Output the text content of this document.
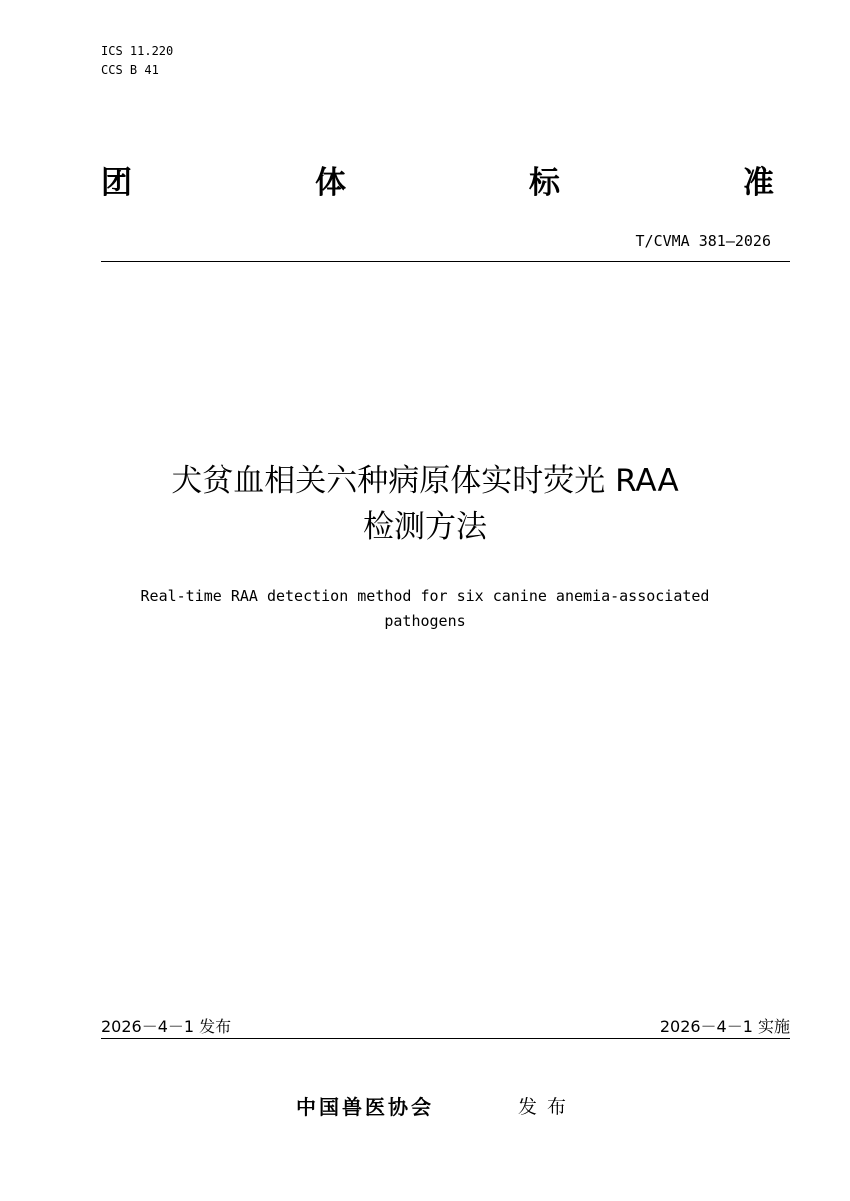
ICS 11.220
CCS B 41
团	体	标	准
T/CVMA 381—2026
犬贫血相关六种病原体实时荧光 RAA
检测方法
Real-time RAA detection method for six canine anemia-associated
pathogens
2026－4－1 发布	2026－4－1 实施
中国兽医协会	发布
